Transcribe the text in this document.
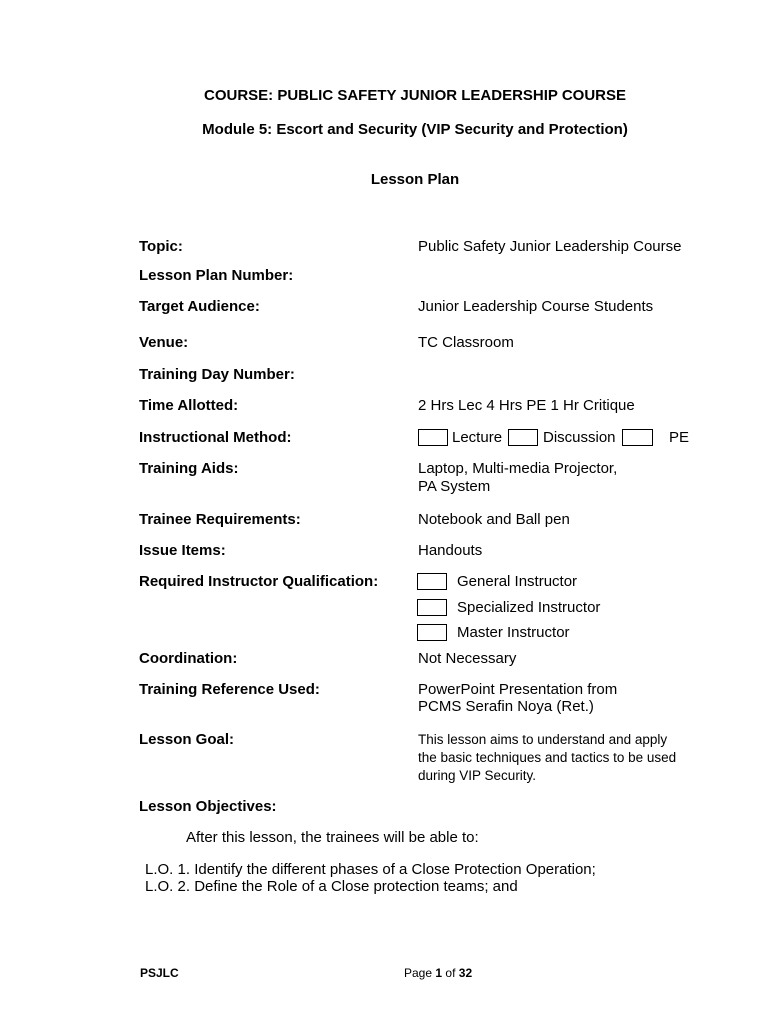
COURSE: PUBLIC SAFETY JUNIOR LEADERSHIP COURSE
Module 5: Escort and Security (VIP Security and Protection)
Lesson Plan
Topic:	Public Safety Junior Leadership Course
Lesson Plan Number:
Target Audience:	Junior Leadership Course Students
Venue:	TC Classroom
Training Day Number:
Time Allotted:	2 Hrs Lec 4 Hrs PE 1 Hr Critique
Instructional Method:	Lecture	Discussion	PE
Training Aids:	Laptop, Multi-media Projector,
PA System
Trainee Requirements:	Notebook and Ball pen
Issue Items:	Handouts
Required Instructor Qualification:	General Instructor
Specialized Instructor
Master Instructor
Coordination:	Not Necessary
Training Reference Used:	PowerPoint Presentation from
PCMS Serafin Noya (Ret.)
Lesson Goal:	This lesson aims to understand and apply
the basic techniques and tactics to be used
during VIP Security.
Lesson Objectives:
After this lesson, the trainees will be able to:
L.O. 1. Identify the different phases of a Close Protection Operation;
L.O. 2. Define the Role of a Close protection teams; and
PSJLC	Page 1 of 32
